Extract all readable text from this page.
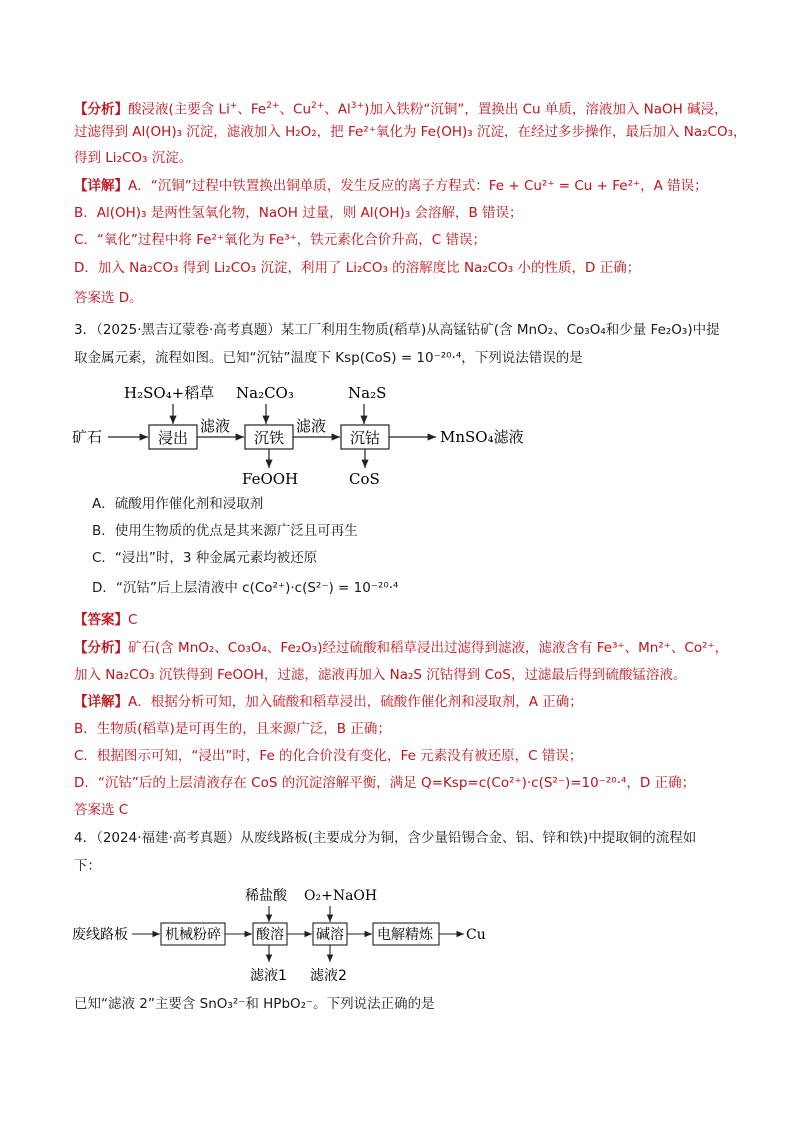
【分析】酸浸液(主要含 Li+、$Fe^{2+}$、$Cu^{2+}$、$Al^{3+}$)加入铁粉“沉铜”，置换出 Cu 单质，溶液加入 NaOH 碱浸，
过滤得到 Al(OH)₃ 沉淀，滤液加入 H₂O₂，把 Fe²⁺氧化为 Fe(OH)₃ 沉淀，在经过多步操作，最后加入 Na₂CO₃，
得到 Li₂CO₃ 沉淀。
【详解】A．“沉铜”过程中铁置换出铜单质，发生反应的离子方程式：Fe + Cu²⁺ = Cu + Fe²⁺，A 错误；
B．Al(OH)₃ 是两性氢氧化物，NaOH 过量，则 Al(OH)₃ 会溶解，B 错误；
C．“氧化”过程中将 Fe²⁺氧化为 Fe³⁺，铁元素化合价升高，C 错误；
D．加入 Na₂CO₃ 得到 Li₂CO₃ 沉淀，利用了 Li₂CO₃ 的溶解度比 Na₂CO₃ 小的性质，D 正确；
答案选 D。
3．（2025·黑吉辽蒙卷·高考真题）某工厂利用生物质(稻草)从高锰钴矿(含 MnO₂、Co₃O₄和少量 Fe₂O₃)中提
取金属元素，流程如图。已知“沉钴”温度下 Ksp(CoS) = 10⁻²⁰·⁴，下列说法错误的是
H₂SO₄+稻草 Na₂CO₃	Na₂S
矿石	浸出
滤液
沉铁
滤液
沉钴	MnSO₄滤液
FeOOH	CoS
A．硫酸用作催化剂和浸取剂
B．使用生物质的优点是其来源广泛且可再生
C．“浸出”时，3 种金属元素均被还原
D．“沉钴”后上层清液中 c(Co²⁺)·c(S²⁻) = 10⁻²⁰·⁴
【答案】C
【分析】矿石(含 MnO₂、Co₃O₄、Fe₂O₃)经过硫酸和稻草浸出过滤得到滤液，滤液含有 Fe³⁺、Mn²⁺、Co²⁺，
加入 Na₂CO₃ 沉铁得到 FeOOH，过滤，滤液再加入 Na₂S 沉钴得到 CoS，过滤最后得到硫酸锰溶液。
【详解】A．根据分析可知，加入硫酸和稻草浸出，硫酸作催化剂和浸取剂，A 正确；
B．生物质(稻草)是可再生的，且来源广泛，B 正确；
C．根据图示可知，“浸出”时，Fe 的化合价没有变化，Fe 元素没有被还原，C 错误；
D．“沉钴”后的上层清液存在 CoS 的沉淀溶解平衡，满足 Q=Ksp=c(Co²⁺)·c(S²⁻)=10⁻²⁰·⁴，D 正确；
答案选 C
4．（2024·福建·高考真题）从废线路板(主要成分为铜，含少量铅锡合金、铝、锌和铁)中提取铜的流程如
下：
稀盐酸 O₂+NaOH
废线路板	机械粉碎	酸溶 碱溶 电解精炼 Cu
滤液1 滤液2
已知“滤液 2”主要含 SnO₃²⁻和 HPbO₂⁻。下列说法正确的是
